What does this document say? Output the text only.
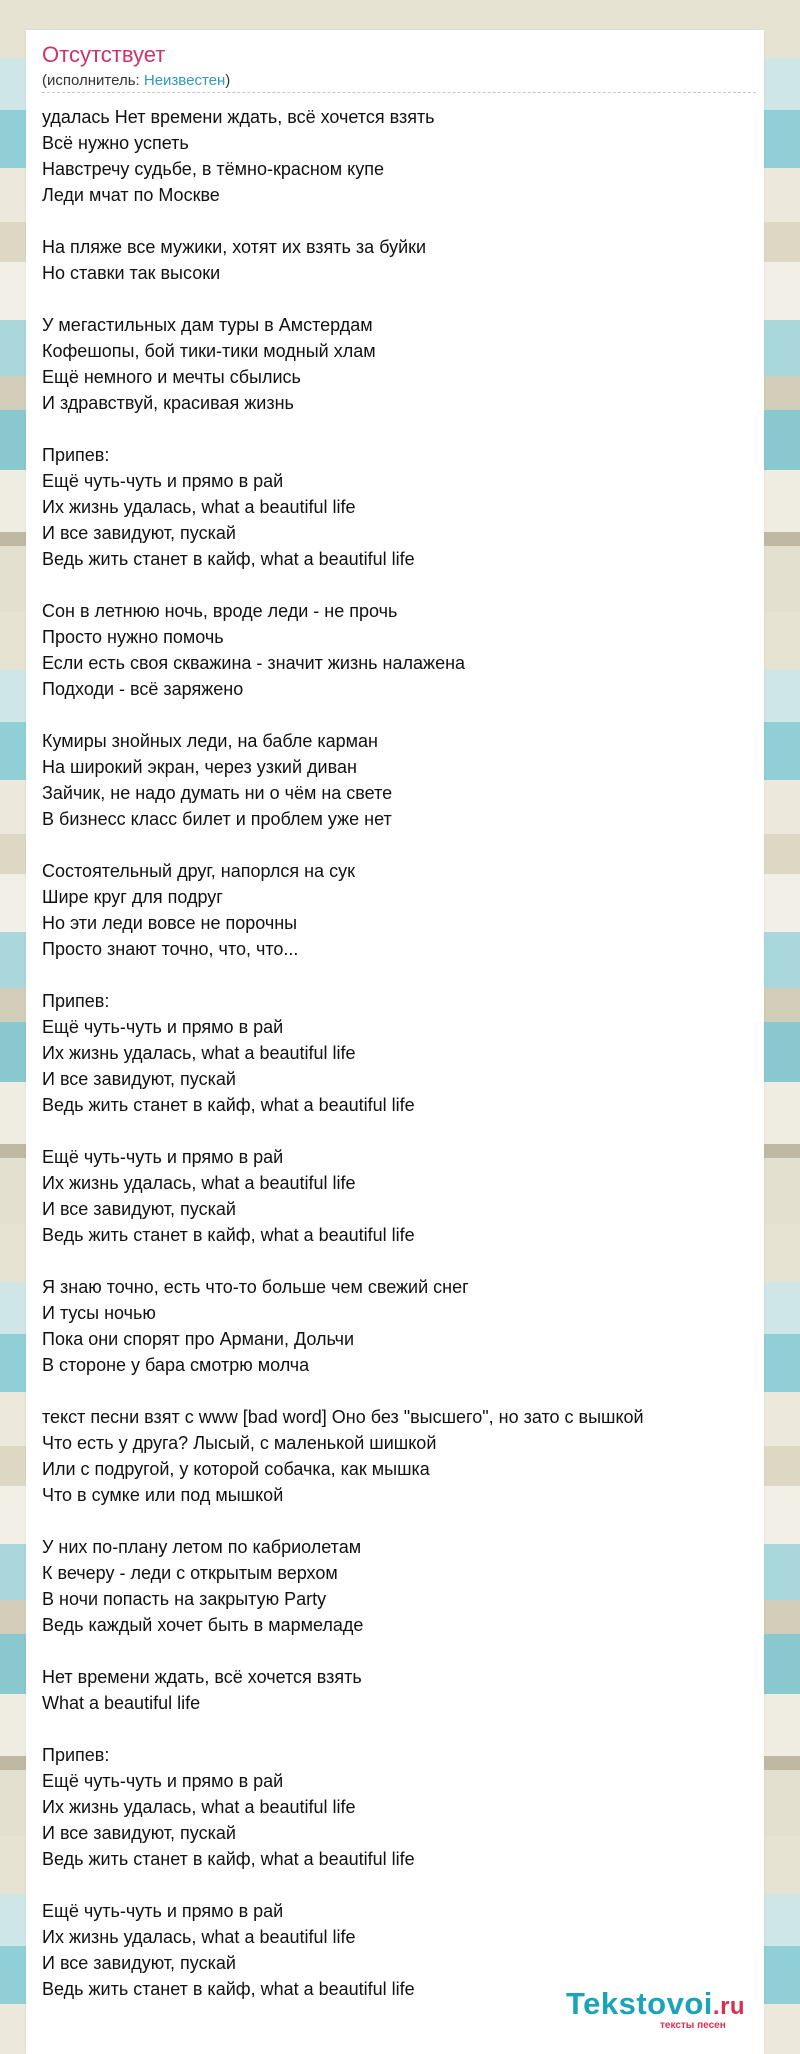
Отсутствует
(исполнитель: Неизвестен)
удалась Нет времени ждать, всё хочется взять
Всё нужно успеть
Навстречу судьбе, в тёмно-красном купе
Леди мчат по Москве
На пляже все мужики, хотят их взять за буйки
Но ставки так высоки
У мегастильных дам туры в Амстердам
Кофешопы, бой тики-тики модный хлам
Ещё немного и мечты сбылись
И здравствуй, красивая жизнь
Припев:
Ещё чуть-чуть и прямо в рай
Их жизнь удалась, what a beautiful life
И все завидуют, пускай
Ведь жить станет в кайф, what a beautiful life
Сон в летнюю ночь, вроде леди - не прочь
Просто нужно помочь
Если есть своя скважина - значит жизнь налажена
Подходи - всё заряжено
Кумиры знойных леди, на бабле карман
На широкий экран, через узкий диван
Зайчик, не надо думать ни о чём на свете
В бизнесс класс билет и проблем уже нет
Состоятельный друг, напорлся на сук
Шире круг для подруг
Но эти леди вовсе не порочны
Просто знают точно, что, что...
Припев:
Ещё чуть-чуть и прямо в рай
Их жизнь удалась, what a beautiful life
И все завидуют, пускай
Ведь жить станет в кайф, what a beautiful life
Ещё чуть-чуть и прямо в рай
Их жизнь удалась, what a beautiful life
И все завидуют, пускай
Ведь жить станет в кайф, what a beautiful life
Я знаю точно, есть что-то больше чем свежий снег
И тусы ночью
Пока они спорят про Армани, Дольчи
В стороне у бара смотрю молча
текст песни взят с www [bad word] Оно без "высшего", но зато с вышкой
Что есть у друга? Лысый, с маленькой шишкой
Или с подругой, у которой собачка, как мышка
Что в сумке или под мышкой
У них по-плану летом по кабриолетам
К вечеру - леди с открытым верхом
В ночи попасть на закрытую Party
Ведь каждый хочет быть в мармеладе
Нет времени ждать, всё хочется взять
What a beautiful life
Припев:
Ещё чуть-чуть и прямо в рай
Их жизнь удалась, what a beautiful life
И все завидуют, пускай
Ведь жить станет в кайф, what a beautiful life
Ещё чуть-чуть и прямо в рай
Их жизнь удалась, what a beautiful life
И все завидуют, пускай
Ведь жить станет в кайф, what a beautiful life	Tekstovoi.ru
тексты песен
